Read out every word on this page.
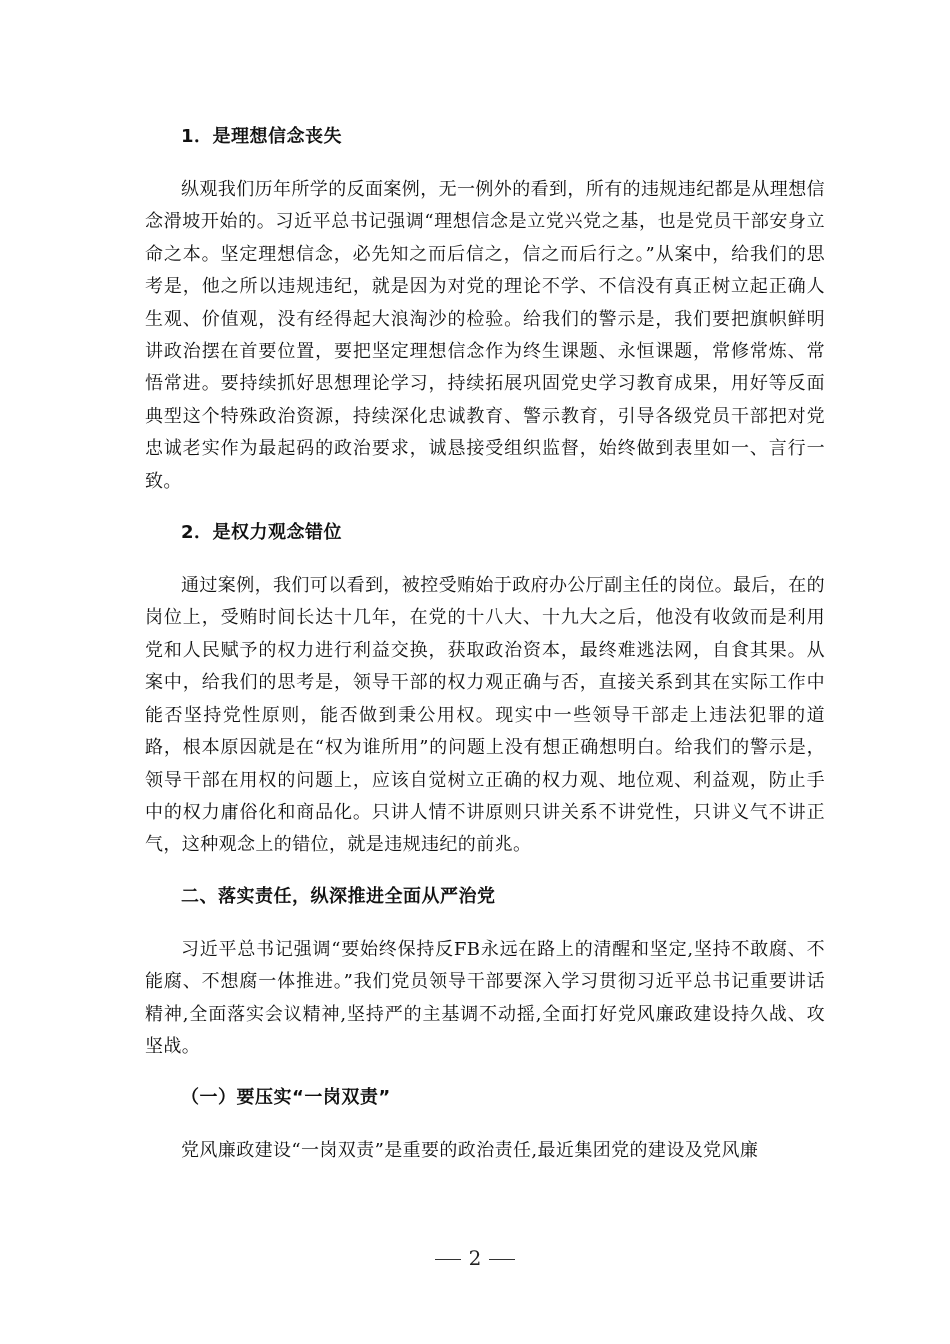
1．是理想信念丧失

纵观我们历年所学的反面案例，无一例外的看到，所有的违规违纪都是从理想信念滑坡开始的。习近平总书记强调“理想信念是立党兴党之基，也是党员干部安身立命之本。坚定理想信念，必先知之而后信之，信之而后行之。”从案中，给我们的思考是，他之所以违规违纪，就是因为对党的理论不学、不信没有真正树立起正确人生观、价值观，没有经得起大浪淘沙的检验。给我们的警示是，我们要把旗帜鲜明讲政治摆在首要位置，要把坚定理想信念作为终生课题、永恒课题，常修常炼、常悟常进。要持续抓好思想理论学习，持续拓展巩固党史学习教育成果，用好等反面典型这个特殊政治资源，持续深化忠诚教育、警示教育，引导各级党员干部把对党忠诚老实作为最起码的政治要求，诚恳接受组织监督，始终做到表里如一、言行一致。

2．是权力观念错位

通过案例，我们可以看到，被控受贿始于政府办公厅副主任的岗位。最后，在的岗位上，受贿时间长达十几年，在党的十八大、十九大之后，他没有收敛而是利用党和人民赋予的权力进行利益交换，获取政治资本，最终难逃法网，自食其果。从案中，给我们的思考是，领导干部的权力观正确与否，直接关系到其在实际工作中能否坚持党性原则，能否做到秉公用权。现实中一些领导干部走上违法犯罪的道路，根本原因就是在“权为谁所用”的问题上没有想正确想明白。给我们的警示是，领导干部在用权的问题上，应该自觉树立正确的权力观、地位观、利益观，防止手中的权力庸俗化和商品化。只讲人情不讲原则只讲关系不讲党性，只讲义气不讲正气，这种观念上的错位，就是违规违纪的前兆。

二、落实责任，纵深推进全面从严治党

习近平总书记强调“要始终保持反FB永远在路上的清醒和坚定,坚持不敢腐、不能腐、不想腐一体推进。”我们党员领导干部要深入学习贯彻习近平总书记重要讲话精神,全面落实会议精神,坚持严的主基调不动摇,全面打好党风廉政建设持久战、攻坚战。

（一）要压实“一岗双责”

党风廉政建设“一岗双责”是重要的政治责任,最近集团党的建设及党风廉

2
